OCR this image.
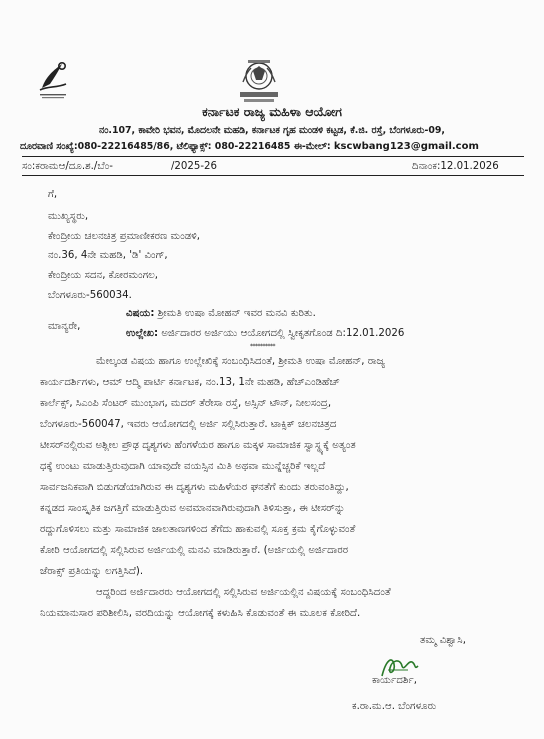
ಕರ್ನಾಟಕ ರಾಜ್ಯ ಮಹಿಳಾ ಆಯೋಗ
ನಂ.107, ಕಾವೇರಿ ಭವನ, ಮೊದಲನೇ ಮಹಡಿ, ಕರ್ನಾಟಕ ಗೃಹ ಮಂಡಳಿ ಕಟ್ಟಡ, ಕೆ.ಜಿ. ರಸ್ತೆ, ಬೆಂಗಳೂರು-09,
ದೂರವಾಣಿ ಸಂಖ್ಯೆ:080-22216485/86, ಟೆಲಿಫ್ಯಾಕ್ಸ್: 080-22216485 ಈ-ಮೇಲ್: kscwbang123@gmail.com
ಸಂ:ಕರಾಮಆ/ದೂ.ಶ./ಬೆಂ-	/2025-26	ದಿನಾಂಕ:12.01.2026
ಗೆ,
ಮುಖ್ಯಸ್ಥರು,
ಕೇಂದ್ರೀಯ ಚಲನಚಿತ್ರ ಪ್ರಮಾಣೀಕರಣ ಮಂಡಳಿ,
ನಂ.36, 4ನೇ ಮಹಡಿ, 'ಡಿ' ವಿಂಗ್,
ಕೇಂದ್ರೀಯ ಸದನ, ಕೋರಮಂಗಲ,
ಬೆಂಗಳೂರು-560034.
ಮಾನ್ಯರೇ,
ವಿಷಯ: ಶ್ರೀಮತಿ ಉಷಾ ಮೋಹನ್ ಇವರ ಮನವಿ ಕುರಿತು.
ಉಲ್ಲೇಖ: ಅರ್ಜಿದಾರರ ಅರ್ಜಿಯು ಆಯೋಗದಲ್ಲಿ ಸ್ವೀಕೃತಗೊಂಡ ದಿ:12.01.2026
**********
ಮೇಲ್ಕಂಡ ವಿಷಯ ಹಾಗೂ ಉಲ್ಲೇಖಿಕ್ಕೆ ಸಂಬಂಧಿಸಿದಂತೆ, ಶ್ರೀಮತಿ ಉಷಾ ಮೋಹನ್, ರಾಜ್ಯ
ಕಾರ್ಯದರ್ಶಿಗಳು, ಆಮ್ ಆದ್ಮಿ ಪಾರ್ಟಿ ಕರ್ನಾಟಕ, ನಂ.13, 1ನೇ ಮಹಡಿ, ಹೆಚ್ಎಂಡಿಹೆಚ್
ಕಾರ್ಲೆಕ್ಸ್, ಸಿಎಂಪಿ ಸೆಂಟರ್ ಮುಂಭಾಗ, ಮದರ್ ತೆರೇಸಾ ರಸ್ತೆ, ಅಸ್ಸಿನ್ ಟೌನ್, ನೀಲಸಂದ್ರ,
ಬೆಂಗಳೂರು-560047, ಇವರು ಆಯೋಗದಲ್ಲಿ ಅರ್ಜಿ ಸಲ್ಲಿಸಿರುತ್ತಾರೆ. ಟಾಕ್ಸಿಕ್ ಚಲನಚಿತ್ರದ
ಟೀಸರ್‌ನಲ್ಲಿರುವ ಅಶ್ಲೀಲ ಪ್ರೌಢ ದೃಶ್ಯಗಳು ಹೆಂಗಳೆಯರ ಹಾಗೂ ಮಕ್ಕಳ ಸಾಮಾಜಿಕ ಸ್ವಾಸ್ಥ್ಯಕ್ಕೆ ಅತ್ಯಂತ
ಧಕ್ಕೆ ಉಂಟು ಮಾಡುತ್ತಿರುವುದಾಗಿ ಯಾವುದೇ ವಯಸ್ಸಿನ ಮಿತಿ ಅಥವಾ ಮುನ್ನೆಚ್ಚರಿಕೆ ಇಲ್ಲದೆ
ಸಾರ್ವಜನಿಕವಾಗಿ ಬಿಡುಗಡೆಯಾಗಿರುವ ಈ ದೃಶ್ಯಗಳು ಮಹಿಳೆಯರ ಘನತೆಗೆ ಕುಂದು ತರುವಂತಿದ್ದು,
ಕನ್ನಡದ ಸಾಂಸ್ಕೃತಿಕ ಜಗತ್ತಿಗೆ ಮಾಡುತ್ತಿರುವ ಅವಮಾನವಾಗಿರುವುದಾಗಿ ತಿಳಿಸುತ್ತಾ, ಈ ಟೀಸರ್‌ನ್ನು
ರದ್ದುಗೊಳಿಸಲು ಮತ್ತು ಸಾಮಾಜಿಕ ಜಾಲತಾಣಗಳಿಂದ ತೆಗೆದು ಹಾಕುವಲ್ಲಿ ಸೂಕ್ತ ಕ್ರಮ ಕೈಗೊಳ್ಳುವಂತೆ
ಕೋರಿ ಆಯೋಗದಲ್ಲಿ ಸಲ್ಲಿಸಿರುವ ಅರ್ಜಿಯಲ್ಲಿ ಮನವಿ ಮಾಡಿರುತ್ತಾರೆ. (ಅರ್ಜಿಯಲ್ಲಿ ಅರ್ಜಿದಾರರ
ಜೆರಾಕ್ಸ್ ಪ್ರತಿಯನ್ನು ಲಗತ್ತಿಸಿದೆ).
ಆದ್ದರಿಂದ ಅರ್ಜಿದಾರರು ಆಯೋಗದಲ್ಲಿ ಸಲ್ಲಿಸಿರುವ ಅರ್ಜಿಯಲ್ಲಿನ ವಿಷಯಕ್ಕೆ ಸಂಬಂಧಿಸಿದಂತೆ
ನಿಯಮಾನುಸಾರ ಪರಿಶೀಲಿಸಿ, ವರದಿಯನ್ನು ಆಯೋಗಕ್ಕೆ ಕಳುಹಿಸಿ ಕೊಡುವಂತೆ ಈ ಮೂಲಕ ಕೋರಿದೆ.
ತಮ್ಮ ವಿಶ್ವಾಸಿ,
ಕಾರ್ಯದರ್ಶಿ,
ಕ.ರಾ.ಮ.ಆ. ಬೆಂಗಳೂರು
